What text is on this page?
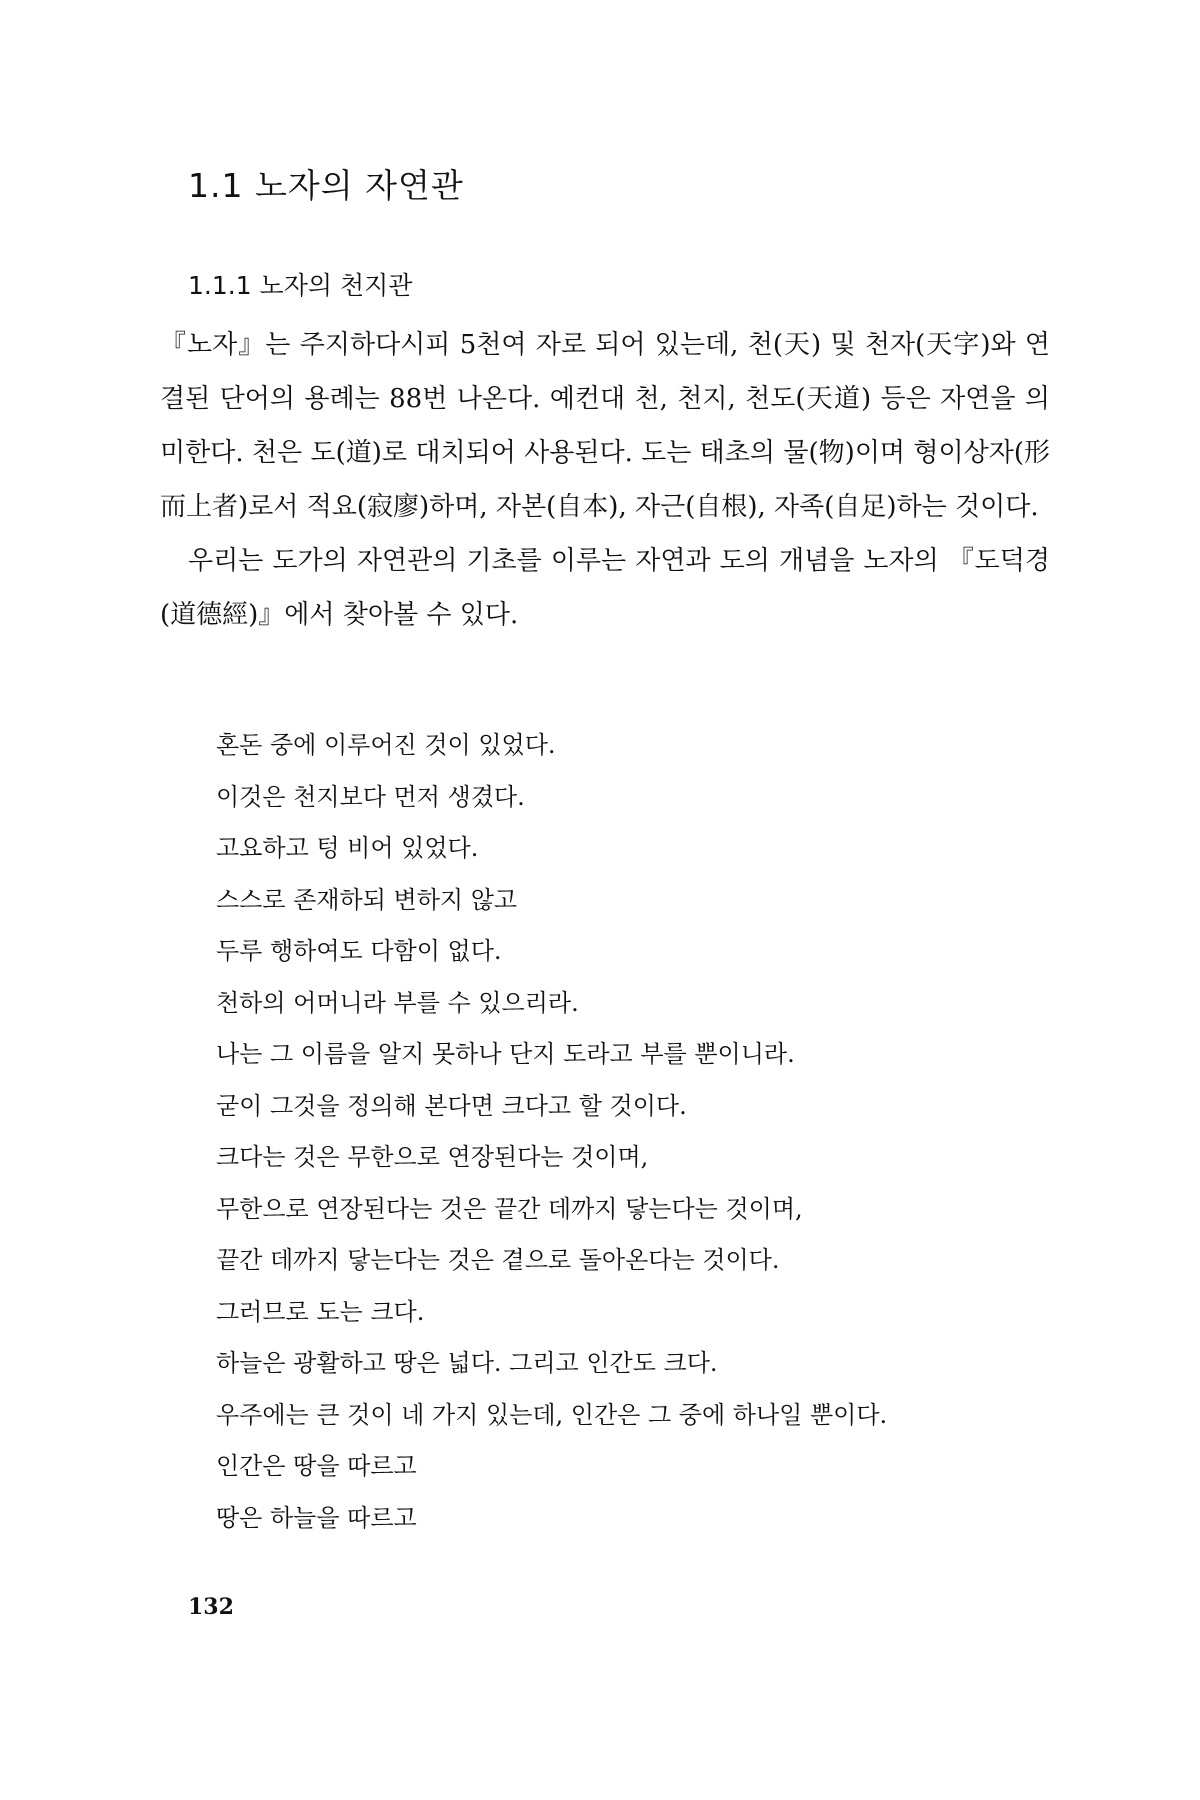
1.1 노자의 자연관
1.1.1 노자의 천지관

『노자』는 주지하다시피 5천여 자로 되어 있는데, 천(天) 및 천자(天字)와 연결된 단어의 용례는 88번 나온다. 예컨대 천, 천지, 천도(天道) 등은 자연을 의미한다. 천은 도(道)로 대치되어 사용된다. 도는 태초의 물(物)이며 형이상자(形而上者)로서 적요(寂廖)하며, 자본(自本), 자근(自根), 자족(自足)하는 것이다.

우리는 도가의 자연관의 기초를 이루는 자연과 도의 개념을 노자의 『도덕경(道德經)』에서 찾아볼 수 있다.

혼돈 중에 이루어진 것이 있었다.
이것은 천지보다 먼저 생겼다.
고요하고 텅 비어 있었다.
스스로 존재하되 변하지 않고
두루 행하여도 다함이 없다.
천하의 어머니라 부를 수 있으리라.
나는 그 이름을 알지 못하나 단지 도라고 부를 뿐이니라.
굳이 그것을 정의해 본다면 크다고 할 것이다.
크다는 것은 무한으로 연장된다는 것이며,
무한으로 연장된다는 것은 끝간 데까지 닿는다는 것이며,
끝간 데까지 닿는다는 것은 곁으로 돌아온다는 것이다.
그러므로 도는 크다.
하늘은 광활하고 땅은 넓다. 그리고 인간도 크다.
우주에는 큰 것이 네 가지 있는데, 인간은 그 중에 하나일 뿐이다.
인간은 땅을 따르고
땅은 하늘을 따르고
132
